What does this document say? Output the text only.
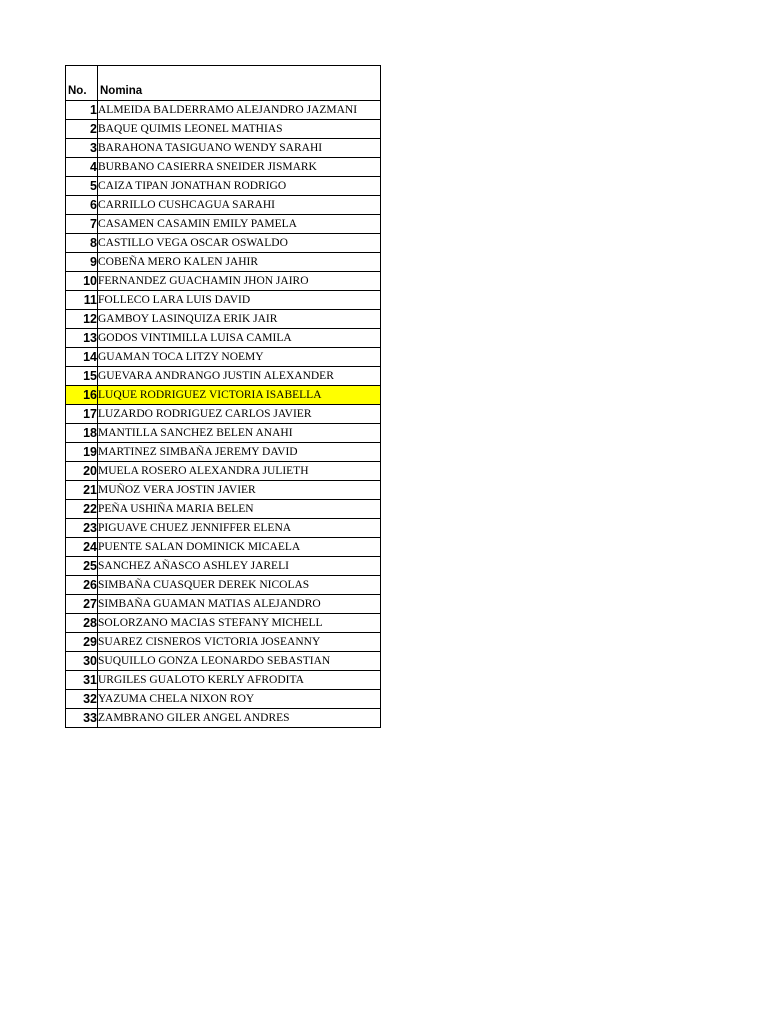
No.	Nomina
1	ALMEIDA BALDERRAMO ALEJANDRO JAZMANI
2	BAQUE QUIMIS LEONEL MATHIAS
3	BARAHONA TASIGUANO WENDY SARAHI
4	BURBANO CASIERRA SNEIDER JISMARK
5	CAIZA TIPAN JONATHAN RODRIGO
6	CARRILLO CUSHCAGUA SARAHI
7	CASAMEN CASAMIN EMILY PAMELA
8	CASTILLO VEGA OSCAR OSWALDO
9	COBEÑA MERO KALEN JAHIR
10	FERNANDEZ GUACHAMIN JHON JAIRO
11	FOLLECO LARA LUIS DAVID
12	GAMBOY LASINQUIZA ERIK JAIR
13	GODOS VINTIMILLA LUISA CAMILA
14	GUAMAN TOCA LITZY NOEMY
15	GUEVARA ANDRANGO JUSTIN ALEXANDER
16	LUQUE RODRIGUEZ VICTORIA ISABELLA
17	LUZARDO RODRIGUEZ CARLOS JAVIER
18	MANTILLA SANCHEZ BELEN ANAHI
19	MARTINEZ SIMBAÑA JEREMY DAVID
20	MUELA ROSERO ALEXANDRA JULIETH
21	MUÑOZ VERA JOSTIN JAVIER
22	PEÑA USHIÑA MARIA BELEN
23	PIGUAVE CHUEZ JENNIFFER ELENA
24	PUENTE SALAN DOMINICK MICAELA
25	SANCHEZ AÑASCO ASHLEY JARELI
26	SIMBAÑA CUASQUER DEREK NICOLAS
27	SIMBAÑA GUAMAN MATIAS ALEJANDRO
28	SOLORZANO MACIAS STEFANY MICHELL
29	SUAREZ CISNEROS VICTORIA JOSEANNY
30	SUQUILLO GONZA LEONARDO SEBASTIAN
31	URGILES GUALOTO KERLY AFRODITA
32	YAZUMA CHELA NIXON ROY
33	ZAMBRANO GILER ANGEL ANDRES
